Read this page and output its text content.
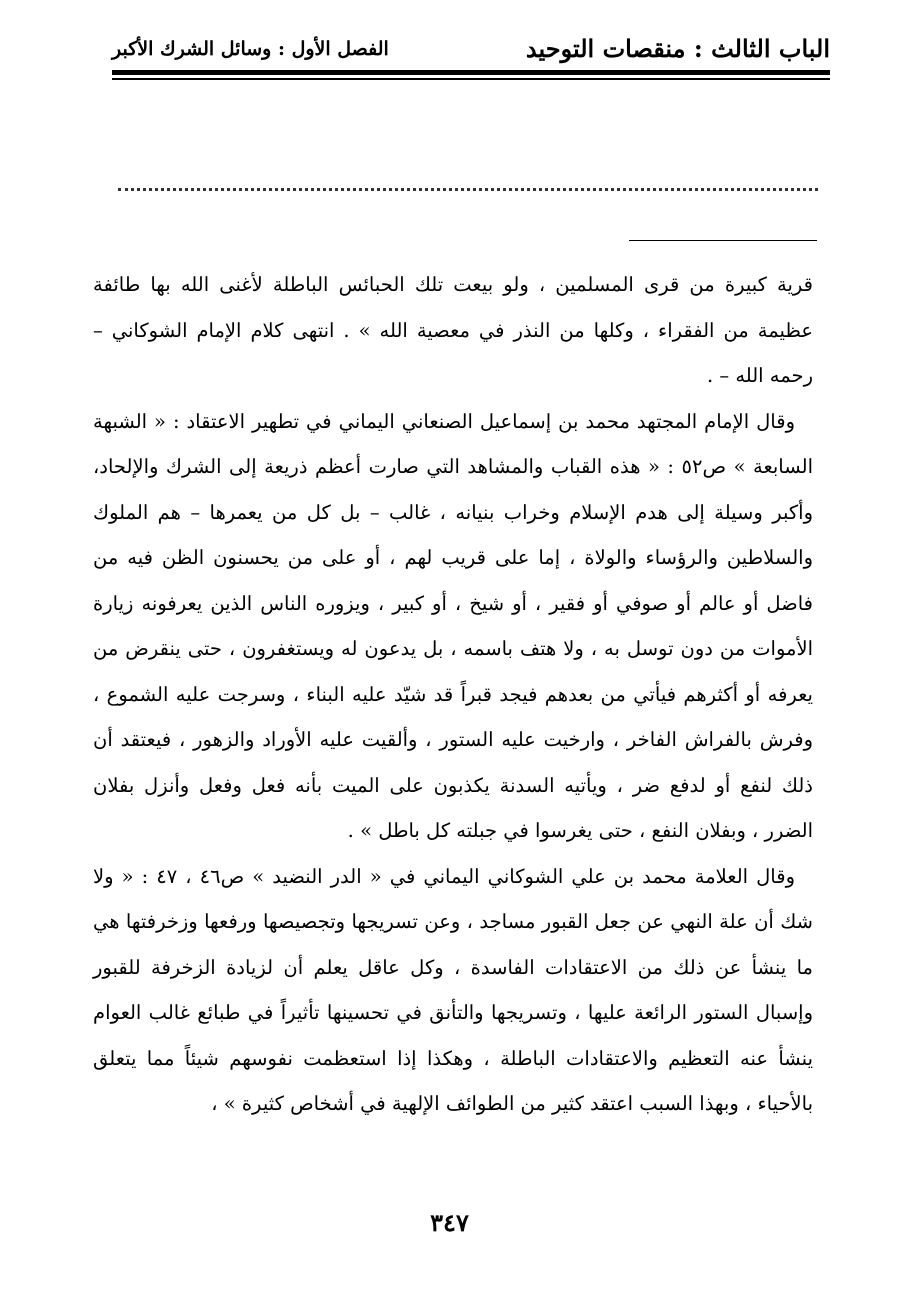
الباب الثالث : منقصات التوحيد
الفصل الأول : وسائل الشرك الأكبر

قرية كبيرة من قرى المسلمين ، ولو بيعت تلك الحبائس الباطلة لأغنى الله بها طائفة عظيمة من الفقراء ، وكلها من النذر في معصية الله » . انتهى كلام الإمام الشوكاني – رحمه الله – .

وقال الإمام المجتهد محمد بن إسماعيل الصنعاني اليماني في تطهير الاعتقاد : « الشبهة السابعة » ص٥٢ : « هذه القباب والمشاهد التي صارت أعظم ذريعة إلى الشرك والإلحاد، وأكبر وسيلة إلى هدم الإسلام وخراب بنيانه ، غالب – بل كل من يعمرها – هم الملوك والسلاطين والرؤساء والولاة ، إما على قريب لهم ، أو على من يحسنون الظن فيه من فاضل أو عالم أو صوفي أو فقير ، أو شيخ ، أو كبير ، ويزوره الناس الذين يعرفونه زيارة الأموات من دون توسل به ، ولا هتف باسمه ، بل يدعون له ويستغفرون ، حتى ينقرض من يعرفه أو أكثرهم فيأتي من بعدهم فيجد قبراً قد شيّد عليه البناء ، وسرجت عليه الشموع ، وفرش بالفراش الفاخر ، وارخيت عليه الستور ، وألقيت عليه الأوراد والزهور ، فيعتقد أن ذلك لنفع أو لدفع ضر ، ويأتيه السدنة يكذبون على الميت بأنه فعل وفعل وأنزل بفلان الضرر ، وبفلان النفع ، حتى يغرسوا في جبلته كل باطل » .

وقال العلامة محمد بن علي الشوكاني اليماني في « الدر النضيد » ص٤٦ ، ٤٧ : « ولا شك أن علة النهي عن جعل القبور مساجد ، وعن تسريجها وتجصيصها ورفعها وزخرفتها هي ما ينشأ عن ذلك من الاعتقادات الفاسدة ، وكل عاقل يعلم أن لزيادة الزخرفة للقبور وإسبال الستور الرائعة عليها ، وتسريجها والتأنق في تحسينها تأثيراً في طبائع غالب العوام ينشأ عنه التعظيم والاعتقادات الباطلة ، وهكذا إذا استعظمت نفوسهم شيئاً مما يتعلق بالأحياء ، وبهذا السبب اعتقد كثير من الطوائف الإلهية في أشخاص كثيرة » ،

٣٤٧
